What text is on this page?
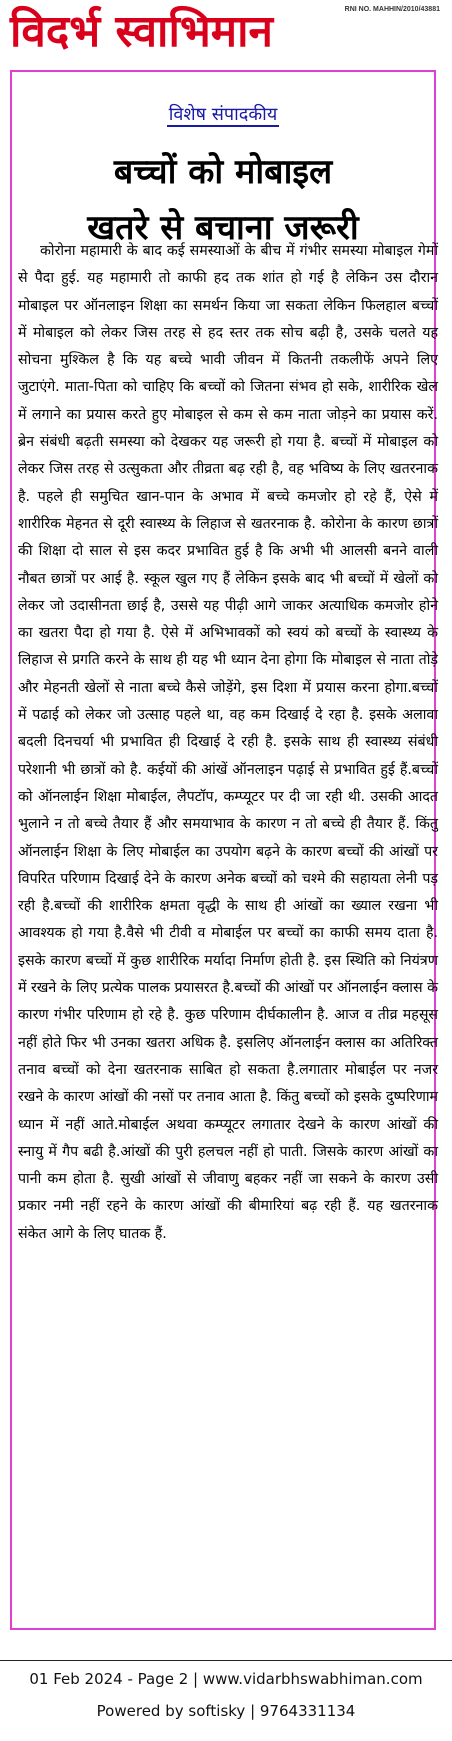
विदर्भ स्वाभिमान	RNI NO. MAHHIN/2010/43881
विशेष संपादकीय
बच्चों को मोबाइल
खतरे से बचाना जरूरी
कोरोना महामारी के बाद कई समस्याओं के बीच में गंभीर समस्या मोबाइल गेमों से पैदा हुई. यह महामारी तो काफी हद तक शांत हो गई है लेकिन उस दौरान मोबाइल पर ऑनलाइन शिक्षा का समर्थन किया जा सकता लेकिन फिलहाल बच्चों में मोबाइल को लेकर जिस तरह से हद स्तर तक सोच बढ़ी है, उसके चलते यह सोचना मुश्किल है कि यह बच्चे भावी जीवन में कितनी तकलीफें अपने लिए जुटाएंगे. माता-पिता को चाहिए कि बच्चों को जितना संभव हो सके, शारीरिक खेल में लगाने का प्रयास करते हुए मोबाइल से कम से कम नाता जोड़ने का प्रयास करें. ब्रेन संबंधी बढ़ती समस्या को देखकर यह जरूरी हो गया है. बच्चों में मोबाइल को लेकर जिस तरह से उत्सुकता और तीव्रता बढ़ रही है, वह भविष्य के लिए खतरनाक है. पहले ही समुचित खान-पान के अभाव में बच्चे कमजोर हो रहे हैं, ऐसे में शारीरिक मेहनत से दूरी स्वास्थ्य के लिहाज से खतरनाक है. कोरोना के कारण छात्रों की शिक्षा दो साल से इस कदर प्रभावित हुई है कि अभी भी आलसी बनने वाली नौबत छात्रों पर आई है. स्कूल खुल गए हैं लेकिन इसके बाद भी बच्चों में खेलों को लेकर जो उदासीनता छाई है, उससे यह पीढ़ी आगे जाकर अत्याधिक कमजोर होने का खतरा पैदा हो गया है. ऐसे में अभिभावकों को स्वयं को बच्चों के स्वास्थ्य के लिहाज से प्रगति करने के साथ ही यह भी ध्यान देना होगा कि मोबाइल से नाता तोड़े और मेहनती खेलों से नाता बच्चे कैसे जोड़ेंगे, इस दिशा में प्रयास करना होगा.बच्चों में पढाई को लेकर जो उत्साह पहले था, वह कम दिखाई दे रहा है. इसके अलावा बदली दिनचर्या भी प्रभावित ही दिखाई दे रही है. इसके साथ ही स्वास्थ्य संबंधी परेशानी भी छात्रों को है. कईयों की आंखें ऑनलाइन पढ़ाई से प्रभावित हुई हैं.बच्चों को ऑनलाईन शिक्षा मोबाईल, लैपटॉप, कम्प्यूटर पर दी जा रही थी. उसकी आदत भुलाने न तो बच्चे तैयार हैं और समयाभाव के कारण न तो बच्चे ही तैयार हैं. किंतु ऑनलाईन शिक्षा के लिए मोबाईल का उपयोग बढ़ने के कारण बच्चों की आंखों पर विपरित परिणाम दिखाई देने के कारण अनेक बच्चों को चश्मे की सहायता लेनी पड़ रही है.बच्चों की शारीरिक क्षमता वृद्धी के साथ ही आंखों का ख्याल रखना भी आवश्यक हो गया है.वैसे भी टीवी व मोबाईल पर बच्चों का काफी समय दाता है. इसके कारण बच्चों में कुछ शारीरिक मर्यादा निर्माण होती है. इस स्थिति को नियंत्रण में रखने के लिए प्रत्येक पालक प्रयासरत है.बच्चों की आंखों पर ऑनलाईन क्लास के कारण गंभीर परिणाम हो रहे है. कुछ परिणाम दीर्घकालीन है. आज व तीव्र महसूस नहीं होते फिर भी उनका खतरा अधिक है. इसलिए ऑनलाईन क्लास का अतिरिक्त तनाव बच्चों को देना खतरनाक साबित हो सकता है.लगातार मोबाईल पर नजर रखने के कारण आंखों की नसों पर तनाव आता है. किंतु बच्चों को इसके दुष्परिणाम ध्यान में नहीं आते.मोबाईल अथवा कम्प्यूटर लगातार देखने के कारण आंखों की स्नायु में गैप बढी है.आंखों की पुरी हलचल नहीं हो पाती. जिसके कारण आंखों का पानी कम होता है. सुखी आंखों से जीवाणु बहकर नहीं जा सकने के कारण उसी प्रकार नमी नहीं रहने के कारण आंखों की बीमारियां बढ़ रही हैं. यह खतरनाक संकेत आगे के लिए घातक हैं.
01 Feb 2024 - Page 2 | www.vidarbhswabhiman.com
Powered by softisky | 9764331134
